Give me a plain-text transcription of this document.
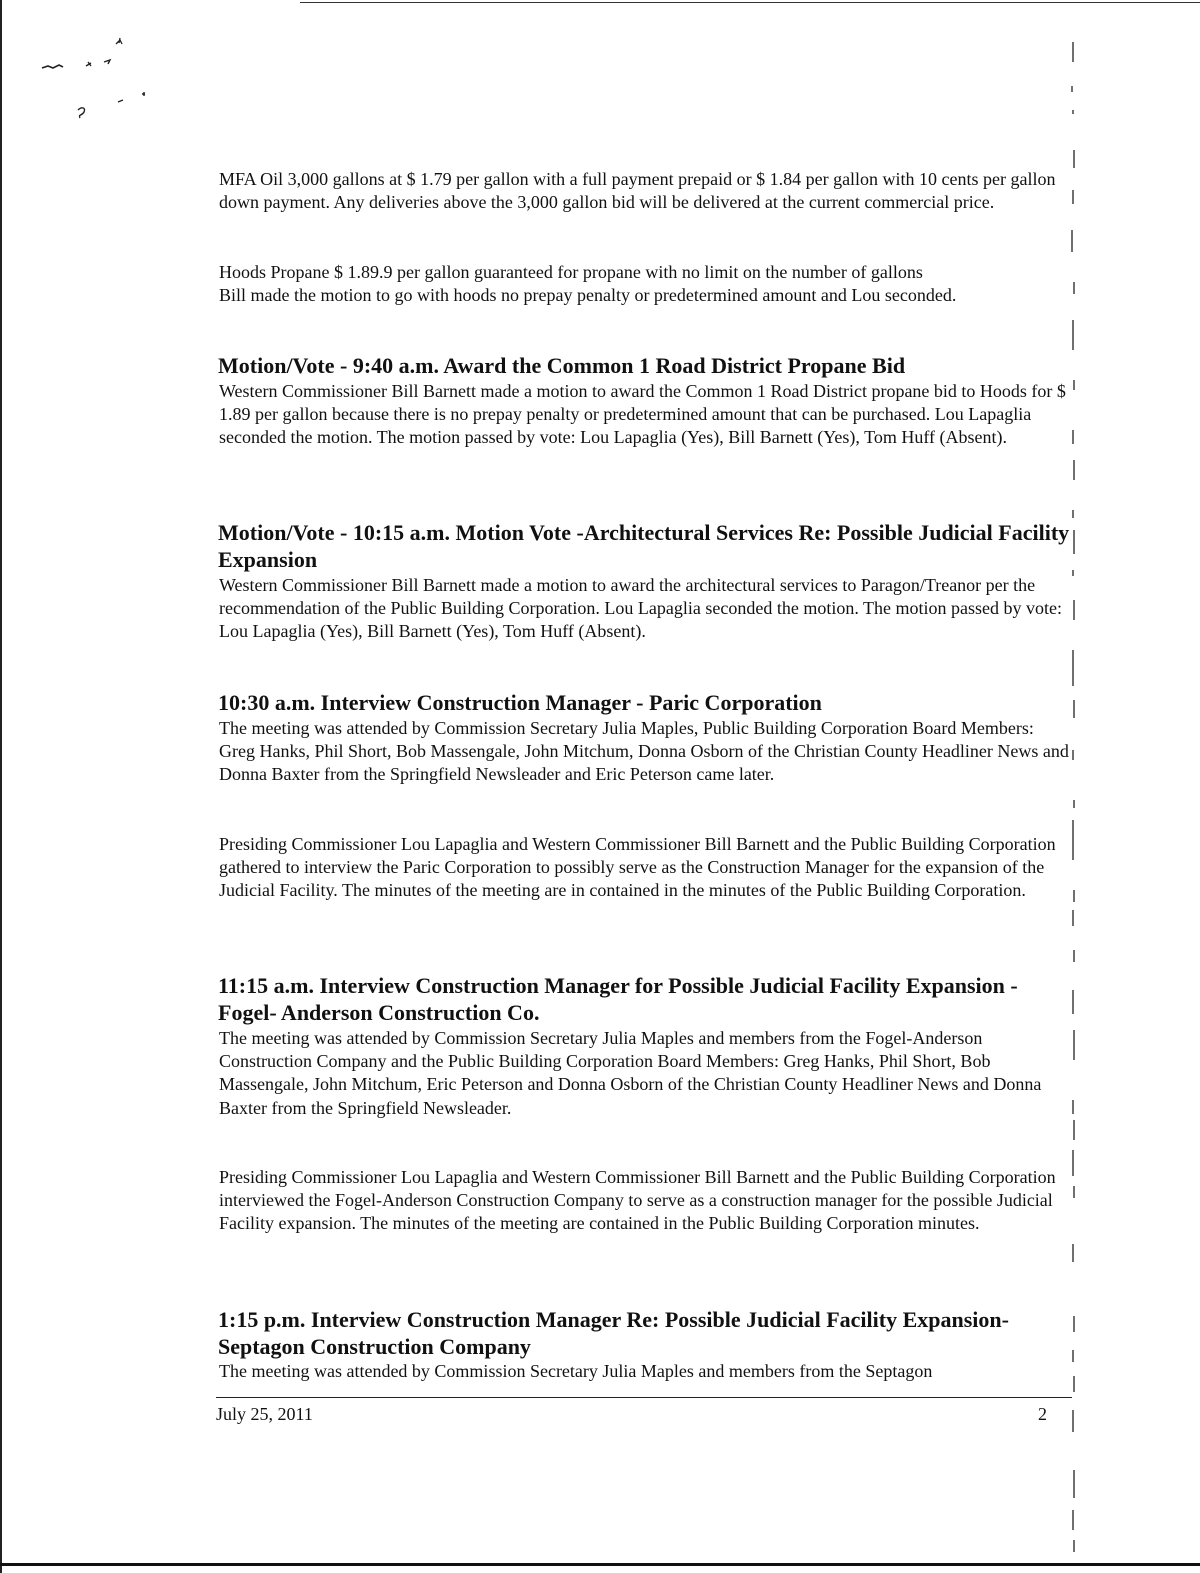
MFA Oil 3,000 gallons at $ 1.79 per gallon with a full payment prepaid or $ 1.84 per gallon with 10 cents per gallon down payment. Any deliveries above the 3,000 gallon bid will be delivered at the current commercial price.

Hoods Propane $ 1.89.9 per gallon guaranteed for propane with no limit on the number of gallons

Bill made the motion to go with hoods no prepay penalty or predetermined amount and Lou seconded.

Motion/Vote - 9:40 a.m. Award the Common 1 Road District Propane Bid

Western Commissioner Bill Barnett made a motion to award the Common 1 Road District propane bid to Hoods for $ 1.89 per gallon because there is no prepay penalty or predetermined amount that can be purchased. Lou Lapaglia seconded the motion. The motion passed by vote: Lou Lapaglia (Yes), Bill Barnett (Yes), Tom Huff (Absent).

Motion/Vote - 10:15 a.m. Motion Vote -Architectural Services Re: Possible Judicial Facility Expansion

Western Commissioner Bill Barnett made a motion to award the architectural services to Paragon/Treanor per the recommendation of the Public Building Corporation. Lou Lapaglia seconded the motion. The motion passed by vote: Lou Lapaglia (Yes), Bill Barnett (Yes), Tom Huff (Absent).

10:30 a.m. Interview Construction Manager - Paric Corporation

The meeting was attended by Commission Secretary Julia Maples, Public Building Corporation Board Members: Greg Hanks, Phil Short, Bob Massengale, John Mitchum, Donna Osborn of the Christian County Headliner News and Donna Baxter from the Springfield Newsleader and Eric Peterson came later.

Presiding Commissioner Lou Lapaglia and Western Commissioner Bill Barnett and the Public Building Corporation gathered to interview the Paric Corporation to possibly serve as the Construction Manager for the expansion of the Judicial Facility. The minutes of the meeting are in contained in the minutes of the Public Building Corporation.

11:15 a.m. Interview Construction Manager for Possible Judicial Facility Expansion - Fogel- Anderson Construction Co.

The meeting was attended by Commission Secretary Julia Maples and members from the Fogel-Anderson Construction Company and the Public Building Corporation Board Members: Greg Hanks, Phil Short, Bob Massengale, John Mitchum, Eric Peterson and Donna Osborn of the Christian County Headliner News and Donna Baxter from the Springfield Newsleader.

Presiding Commissioner Lou Lapaglia and Western Commissioner Bill Barnett and the Public Building Corporation interviewed the Fogel-Anderson Construction Company to serve as a construction manager for the possible Judicial Facility expansion. The minutes of the meeting are contained in the Public Building Corporation minutes.

1:15 p.m. Interview Construction Manager Re: Possible Judicial Facility Expansion- Septagon Construction Company

The meeting was attended by Commission Secretary Julia Maples and members from the Septagon

July 25, 2011	2
